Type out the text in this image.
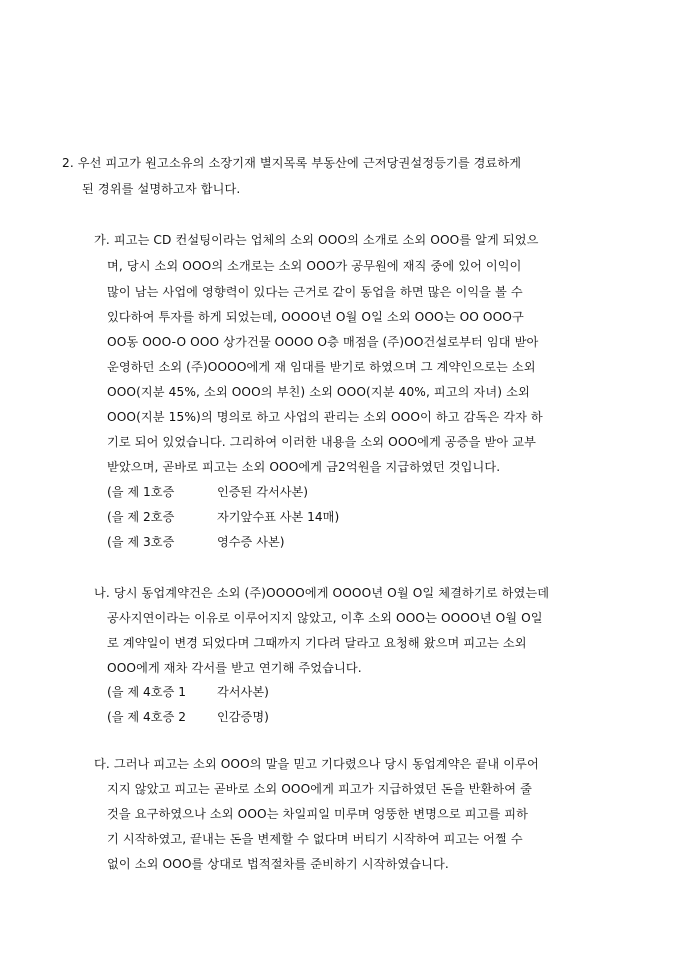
2. 우선 피고가 원고소유의 소장기재 별지목록 부동산에 근저당권설정등기를 경료하게
된 경위를 설명하고자 합니다.
가. 피고는 CD 컨설팅이라는 업체의 소외 OOO의 소개로 소외 OOO를 알게 되었으
며, 당시 소외 OOO의 소개로는 소외 OOO가 공무원에 재직 중에 있어 이익이
많이 남는 사업에 영향력이 있다는 근거로 같이 동업을 하면 많은 이익을 볼 수
있다하여 투자를 하게 되었는데, OOOO년 O월 O일 소외 OOO는 OO OOO구
OO동 OOO-O OOO 상가건물 OOOO O층 매점을 (주)OO건설로부터 임대 받아
운영하던 소외 (주)OOOO에게 재 임대를 받기로 하였으며 그 계약인으로는 소외
OOO(지분 45%, 소외 OOO의 부친) 소외 OOO(지분 40%, 피고의 자녀) 소외
OOO(지분 15%)의 명의로 하고 사업의 관리는 소외 OOO이 하고 감독은 각자 하
기로 되어 있었습니다. 그리하여 이러한 내용을 소외 OOO에게 공증을 받아 교부
받았으며, 곧바로 피고는 소외 OOO에게 금2억원을 지급하였던 것입니다.
(을 제 1호증	인증된 각서사본)
(을 제 2호증	자기앞수표 사본 14매)
(을 제 3호증	영수증 사본)
나. 당시 동업계약건은 소외 (주)OOOO에게 OOOO년 O월 O일 체결하기로 하였는데
공사지연이라는 이유로 이루어지지 않았고, 이후 소외 OOO는 OOOO년 O월 O일
로 계약일이 변경 되었다며 그때까지 기다려 달라고 요청해 왔으며 피고는 소외
OOO에게 재차 각서를 받고 연기해 주었습니다.
(을 제 4호증 1	각서사본)
(을 제 4호증 2	인감증명)
다. 그러나 피고는 소외 OOO의 말을 믿고 기다렸으나 당시 동업계약은 끝내 이루어
지지 않았고 피고는 곧바로 소외 OOO에게 피고가 지급하였던 돈을 반환하여 줄
것을 요구하였으나 소외 OOO는 차일피일 미루며 엉뚱한 변명으로 피고를 피하
기 시작하였고, 끝내는 돈을 변제할 수 없다며 버티기 시작하여 피고는 어쩔 수
없이 소외 OOO를 상대로 법적절차를 준비하기 시작하였습니다.
